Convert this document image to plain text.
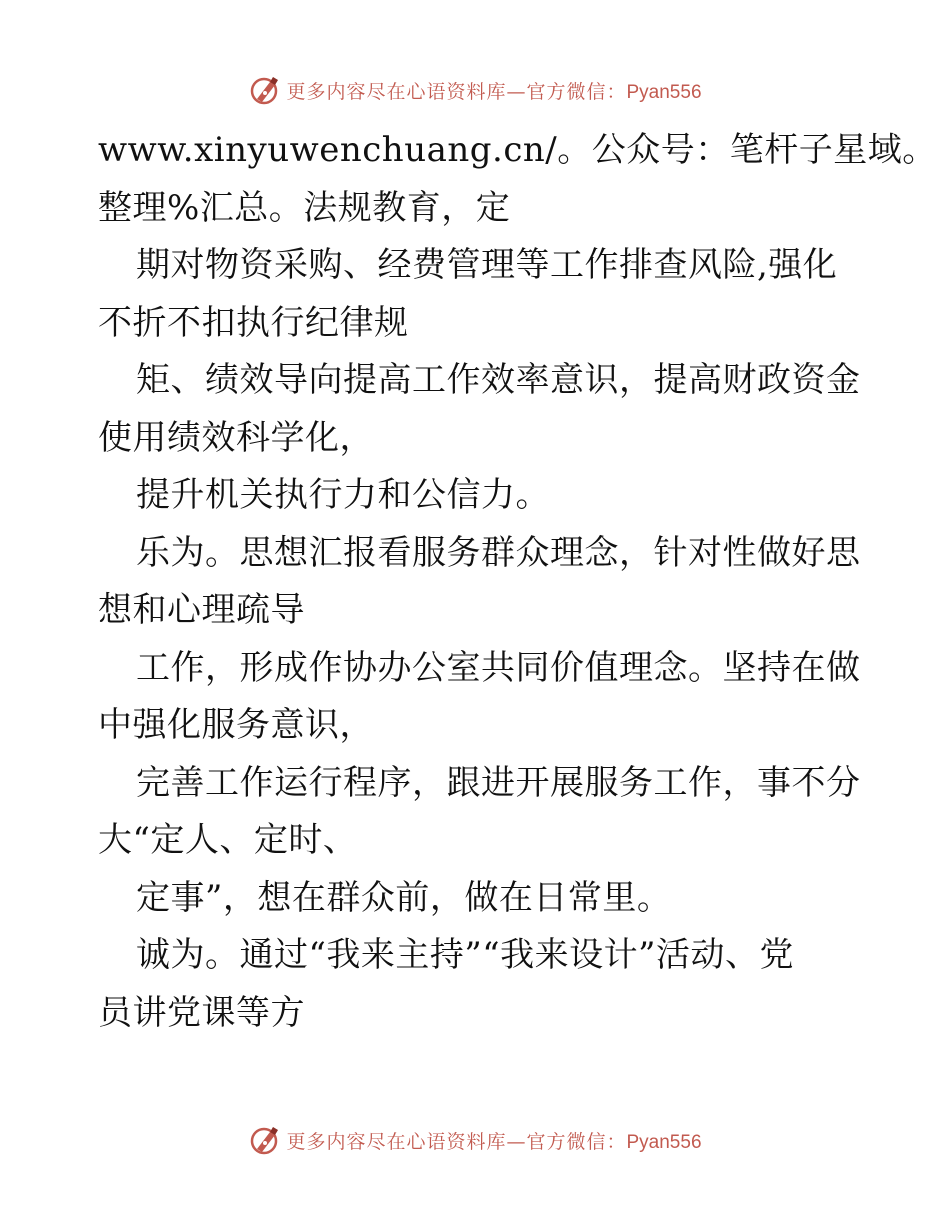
更多内容尽在心语资料库—官方微信：Pyan556
www.xinyuwenchuang.cn/。公众号：笔杆子星域。
整理%汇总。法规教育，定
期对物资采购、经费管理等工作排查风险,强化
不折不扣执行纪律规
矩、绩效导向提高工作效率意识，提高财政资金
使用绩效科学化，
提升机关执行力和公信力。
乐为。思想汇报看服务群众理念，针对性做好思
想和心理疏导
工作，形成作协办公室共同价值理念。坚持在做
中强化服务意识，
完善工作运行程序，跟进开展服务工作，事不分
大“定人、定时、
定事”，想在群众前，做在日常里。
诚为。通过“我来主持”“我来设计”活动、党
员讲党课等方
更多内容尽在心语资料库—官方微信：Pyan556
